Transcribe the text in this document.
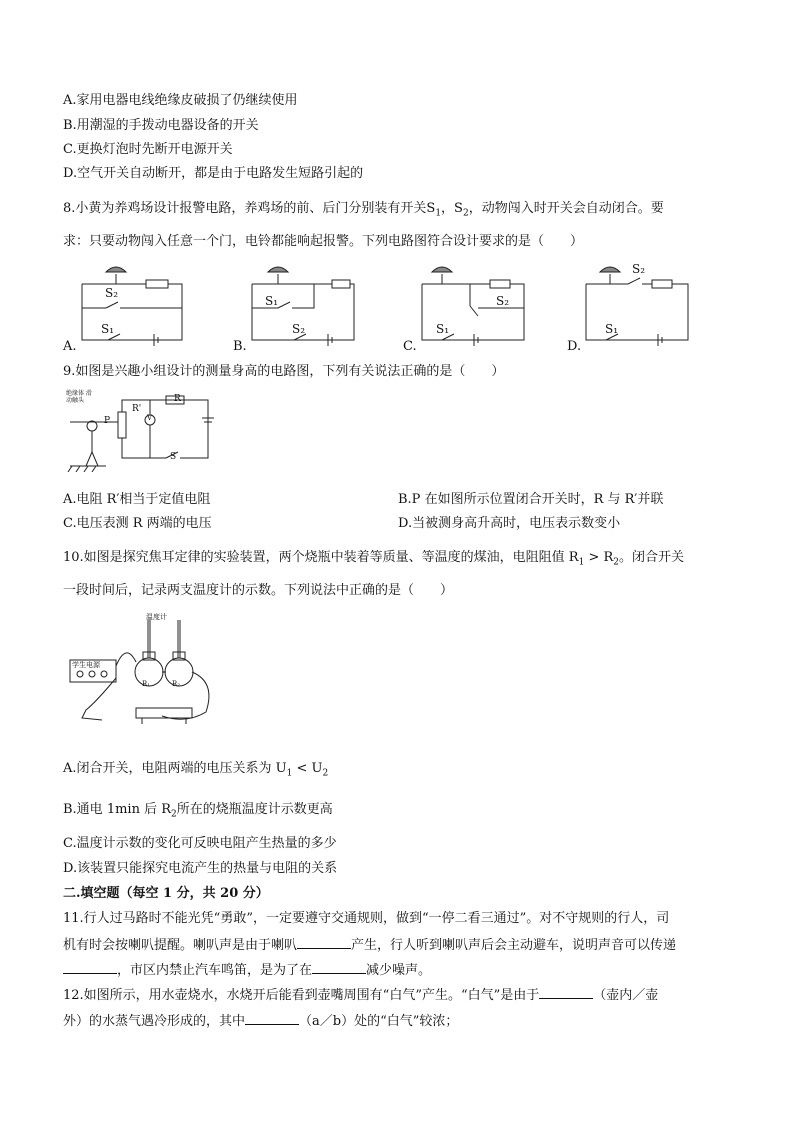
A.家用电器电线绝缘皮破损了仍继续使用
B.用潮湿的手拨动电器设备的开关
C.更换灯泡时先断开电源开关
D.空气开关自动断开，都是由于电路发生短路引起的
8.小黄为养鸡场设计报警电路，养鸡场的前、后门分别装有开关$S_1$，$S_2$，动物闯入时开关会自动闭合。要
求：只要动物闯入任意一个门，电铃都能响起报警。下列电路图符合设计要求的是（　　）
S₂
S₁
A.
S₁
S₂
B.
S₂
S₁
C.
S₂
S₁
D.
9.如图是兴趣小组设计的测量身高的电路图，下列有关说法正确的是（　　）
绝缘体 滑动触头
R'
R
P	V
S
A.电阻 R′相当于定值电阻	B.P 在如图所示位置闭合开关时，R 与 R′并联
C.电压表测 R 两端的电压	D.当被测身高升高时，电压表示数变小
10.如图是探究焦耳定律的实验装置，两个烧瓶中装着等质量、等温度的煤油，电阻阻值 $R_1 > R_2$。闭合开关
一段时间后，记录两支温度计的示数。下列说法中正确的是（　　）
温度计
学生电源
R₁	R₂
A.闭合开关，电阻两端的电压关系为 $U_1 < U_2$
B.通电 1min 后 $R_2$所在的烧瓶温度计示数更高
C.温度计示数的变化可反映电阻产生热量的多少
D.该装置只能探究电流产生的热量与电阻的关系
二.填空题（每空 1 分，共 20 分）
11.行人过马路时不能光凭“勇敢”，一定要遵守交通规则，做到“一停二看三通过”。对不守规则的行人，司
机有时会按喇叭提醒。喇叭声是由于喇叭	产生，行人听到喇叭声后会主动避车，说明声音可以传递
，市区内禁止汽车鸣笛，是为了在	减少噪声。
12.如图所示，用水壶烧水，水烧开后能看到壶嘴周围有“白气”产生。“白气”是由于	（壶内／壶
外）的水蒸气遇冷形成的，其中	（a／b）处的“白气”较浓；
